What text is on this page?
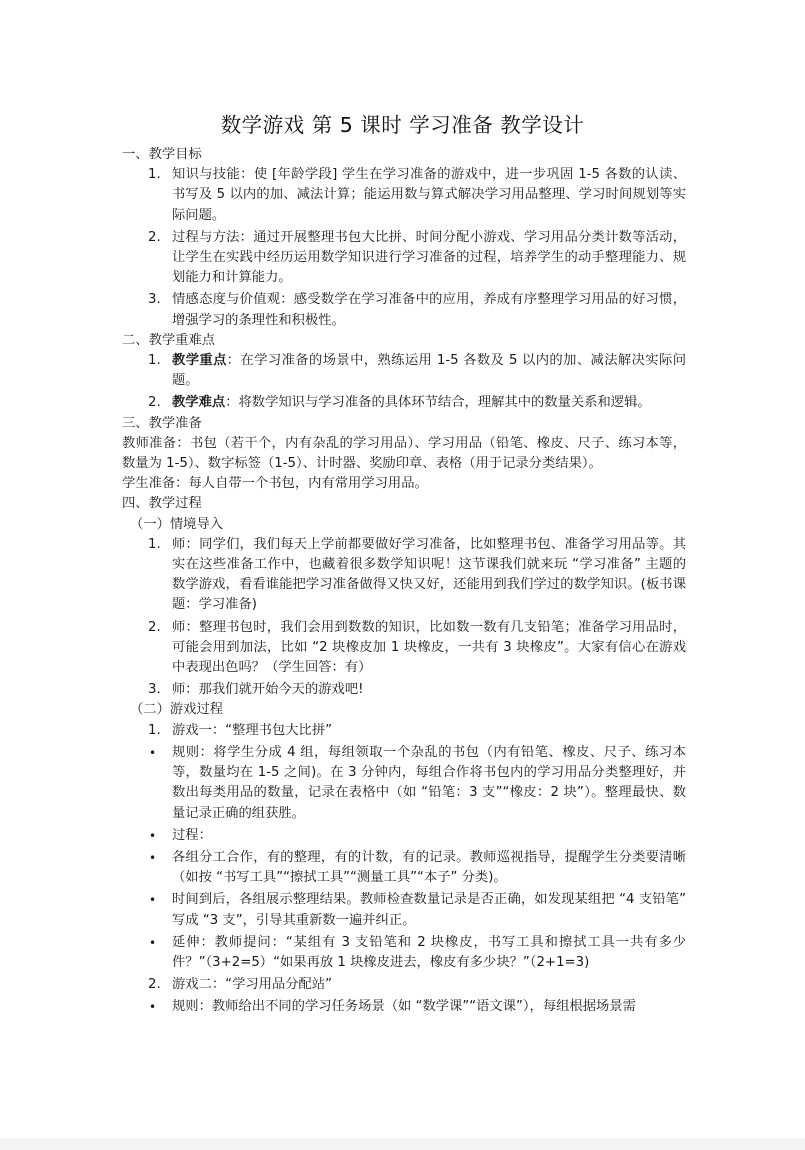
数学游戏 第 5 课时 学习准备 教学设计

一、教学目标

1. 知识与技能：使 [年龄学段] 学生在学习准备的游戏中，进一步巩固 1-5 各数的认读、书写及 5 以内的加、减法计算；能运用数与算式解决学习用品整理、学习时间规划等实际问题。
2. 过程与方法：通过开展整理书包大比拼、时间分配小游戏、学习用品分类计数等活动，让学生在实践中经历运用数学知识进行学习准备的过程，培养学生的动手整理能力、规划能力和计算能力。
3. 情感态度与价值观：感受数学在学习准备中的应用，养成有序整理学习用品的好习惯，增强学习的条理性和积极性。

二、教学重难点

1. 教学重点：在学习准备的场景中，熟练运用 1-5 各数及 5 以内的加、减法解决实际问题。
2. 教学难点：将数学知识与学习准备的具体环节结合，理解其中的数量关系和逻辑。

三、教学准备

教师准备：书包（若干个，内有杂乱的学习用品）、学习用品（铅笔、橡皮、尺子、练习本等，数量为 1-5）、数字标签（1-5）、计时器、奖励印章、表格（用于记录分类结果）。

学生准备：每人自带一个书包，内有常用学习用品。

四、教学过程

（一）情境导入

1. 师：同学们，我们每天上学前都要做好学习准备，比如整理书包、准备学习用品等。其实在这些准备工作中，也藏着很多数学知识呢！这节课我们就来玩 “学习准备” 主题的数学游戏，看看谁能把学习准备做得又快又好，还能用到我们学过的数学知识。(板书课题：学习准备)
2. 师：整理书包时，我们会用到数数的知识，比如数一数有几支铅笔；准备学习用品时，可能会用到加法，比如 “2 块橡皮加 1 块橡皮，一共有 3 块橡皮”。大家有信心在游戏中表现出色吗？（学生回答：有）
3. 师：那我们就开始今天的游戏吧!

（二）游戏过程

1. 游戏一：“整理书包大比拼”
• 规则：将学生分成 4 组，每组领取一个杂乱的书包（内有铅笔、橡皮、尺子、练习本等，数量均在 1-5 之间)。在 3 分钟内，每组合作将书包内的学习用品分类整理好，并数出每类用品的数量，记录在表格中（如 “铅笔：3 支”“橡皮：2 块”）。整理最快、数量记录正确的组获胜。
• 过程：
• 各组分工合作，有的整理，有的计数，有的记录。教师巡视指导，提醒学生分类要清晰（如按 “书写工具”“擦拭工具”“测量工具”“本子” 分类)。
• 时间到后，各组展示整理结果。教师检查数量记录是否正确，如发现某组把 “4 支铅笔” 写成 “3 支”，引导其重新数一遍并纠正。
• 延伸：教师提问：“某组有 3 支铅笔和 2 块橡皮，书写工具和擦拭工具一共有多少件？”（3+2=5）“如果再放 1 块橡皮进去，橡皮有多少块？”（2+1=3)
2. 游戏二：“学习用品分配站”
• 规则：教师给出不同的学习任务场景（如 “数学课”“语文课”），每组根据场景需
